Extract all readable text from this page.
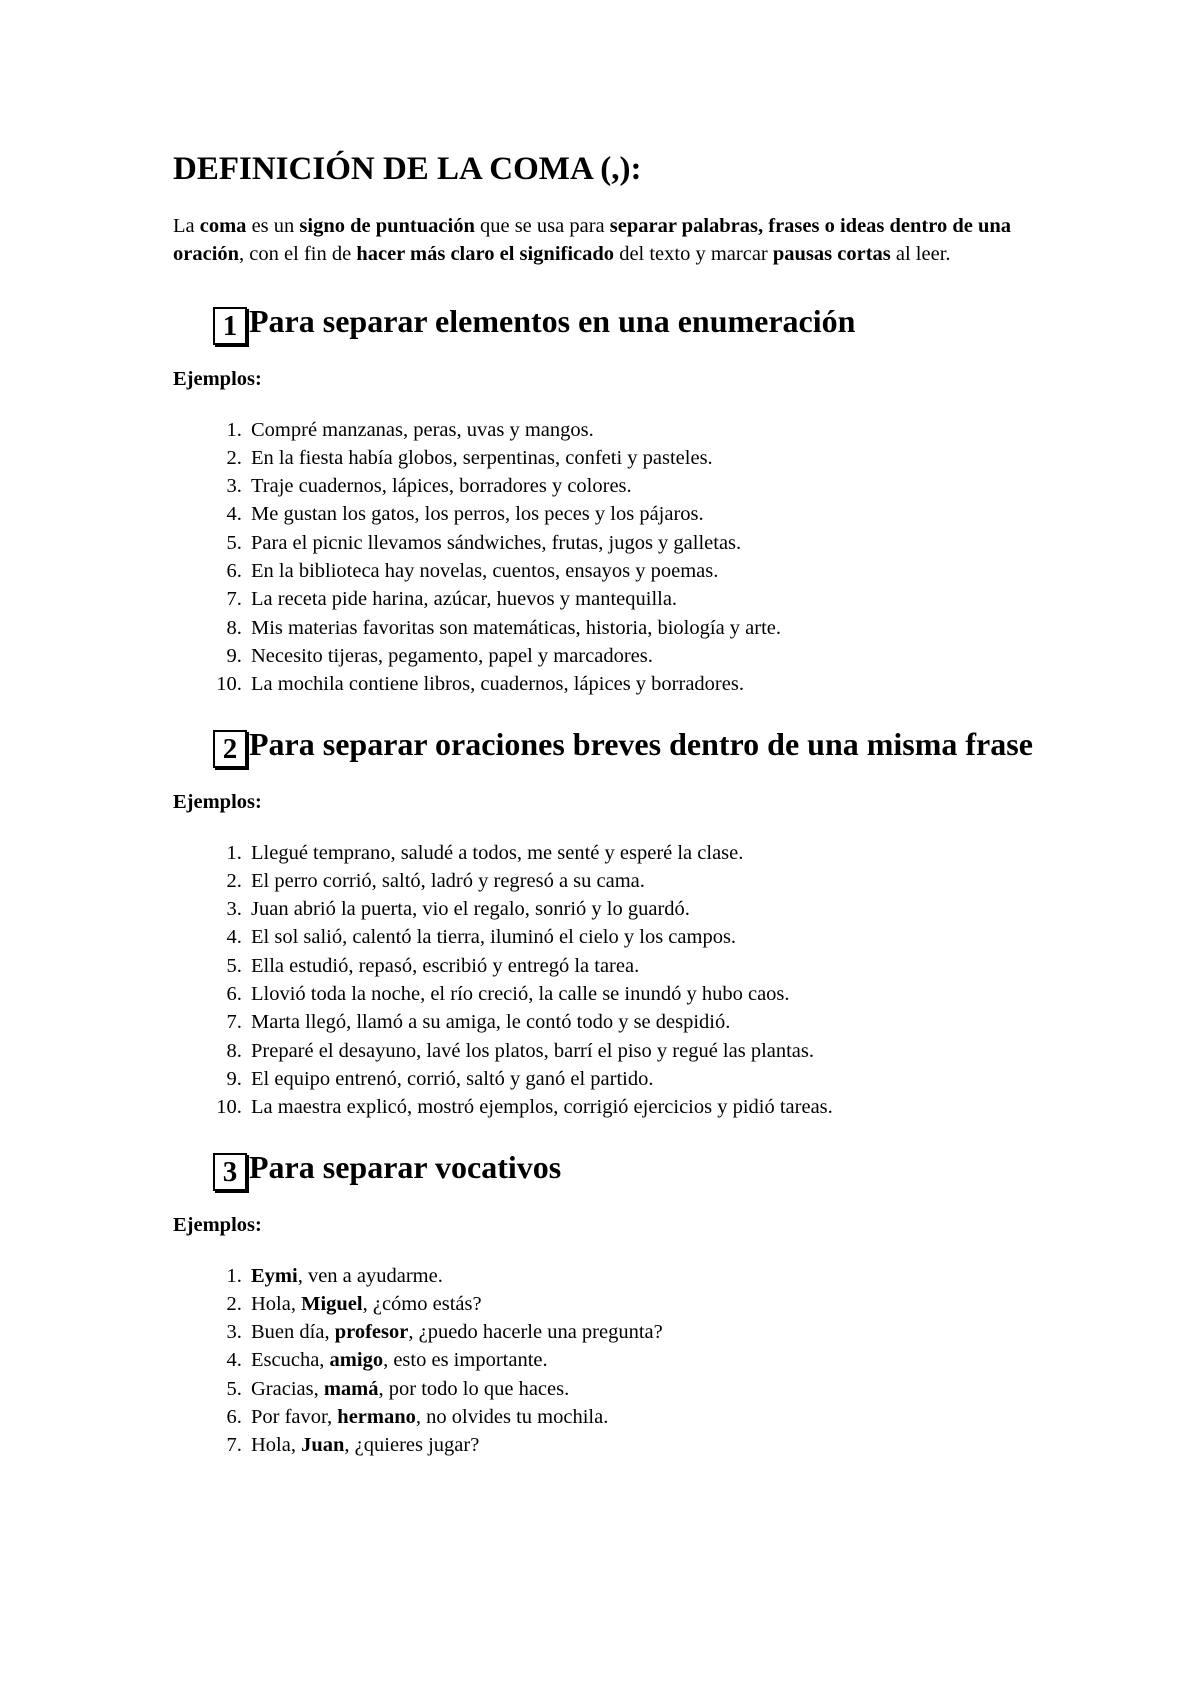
DEFINICIÓN DE LA COMA (,):

La coma es un signo de puntuación que se usa para separar palabras, frases o ideas dentro de una oración, con el fin de hacer más claro el significado del texto y marcar pausas cortas al leer.

1 Para separar elementos en una enumeración

Ejemplos:

1. Compré manzanas, peras, uvas y mangos.
2. En la fiesta había globos, serpentinas, confeti y pasteles.
3. Traje cuadernos, lápices, borradores y colores.
4. Me gustan los gatos, los perros, los peces y los pájaros.
5. Para el picnic llevamos sándwiches, frutas, jugos y galletas.
6. En la biblioteca hay novelas, cuentos, ensayos y poemas.
7. La receta pide harina, azúcar, huevos y mantequilla.
8. Mis materias favoritas son matemáticas, historia, biología y arte.
9. Necesito tijeras, pegamento, papel y marcadores.
10. La mochila contiene libros, cuadernos, lápices y borradores.
2 Para separar oraciones breves dentro de una misma frase

Ejemplos:

1. Llegué temprano, saludé a todos, me senté y esperé la clase.
2. El perro corrió, saltó, ladró y regresó a su cama.
3. Juan abrió la puerta, vio el regalo, sonrió y lo guardó.
4. El sol salió, calentó la tierra, iluminó el cielo y los campos.
5. Ella estudió, repasó, escribió y entregó la tarea.
6. Llovió toda la noche, el río creció, la calle se inundó y hubo caos.
7. Marta llegó, llamó a su amiga, le contó todo y se despidió.
8. Preparé el desayuno, lavé los platos, barrí el piso y regué las plantas.
9. El equipo entrenó, corrió, saltó y ganó el partido.
10. La maestra explicó, mostró ejemplos, corrigió ejercicios y pidió tareas.
3 Para separar vocativos

Ejemplos:

1. Eymi, ven a ayudarme.
2. Hola, Miguel, ¿cómo estás?
3. Buen día, profesor, ¿puedo hacerle una pregunta?
4. Escucha, amigo, esto es importante.
5. Gracias, mamá, por todo lo que haces.
6. Por favor, hermano, no olvides tu mochila.
7. Hola, Juan, ¿quieres jugar?
